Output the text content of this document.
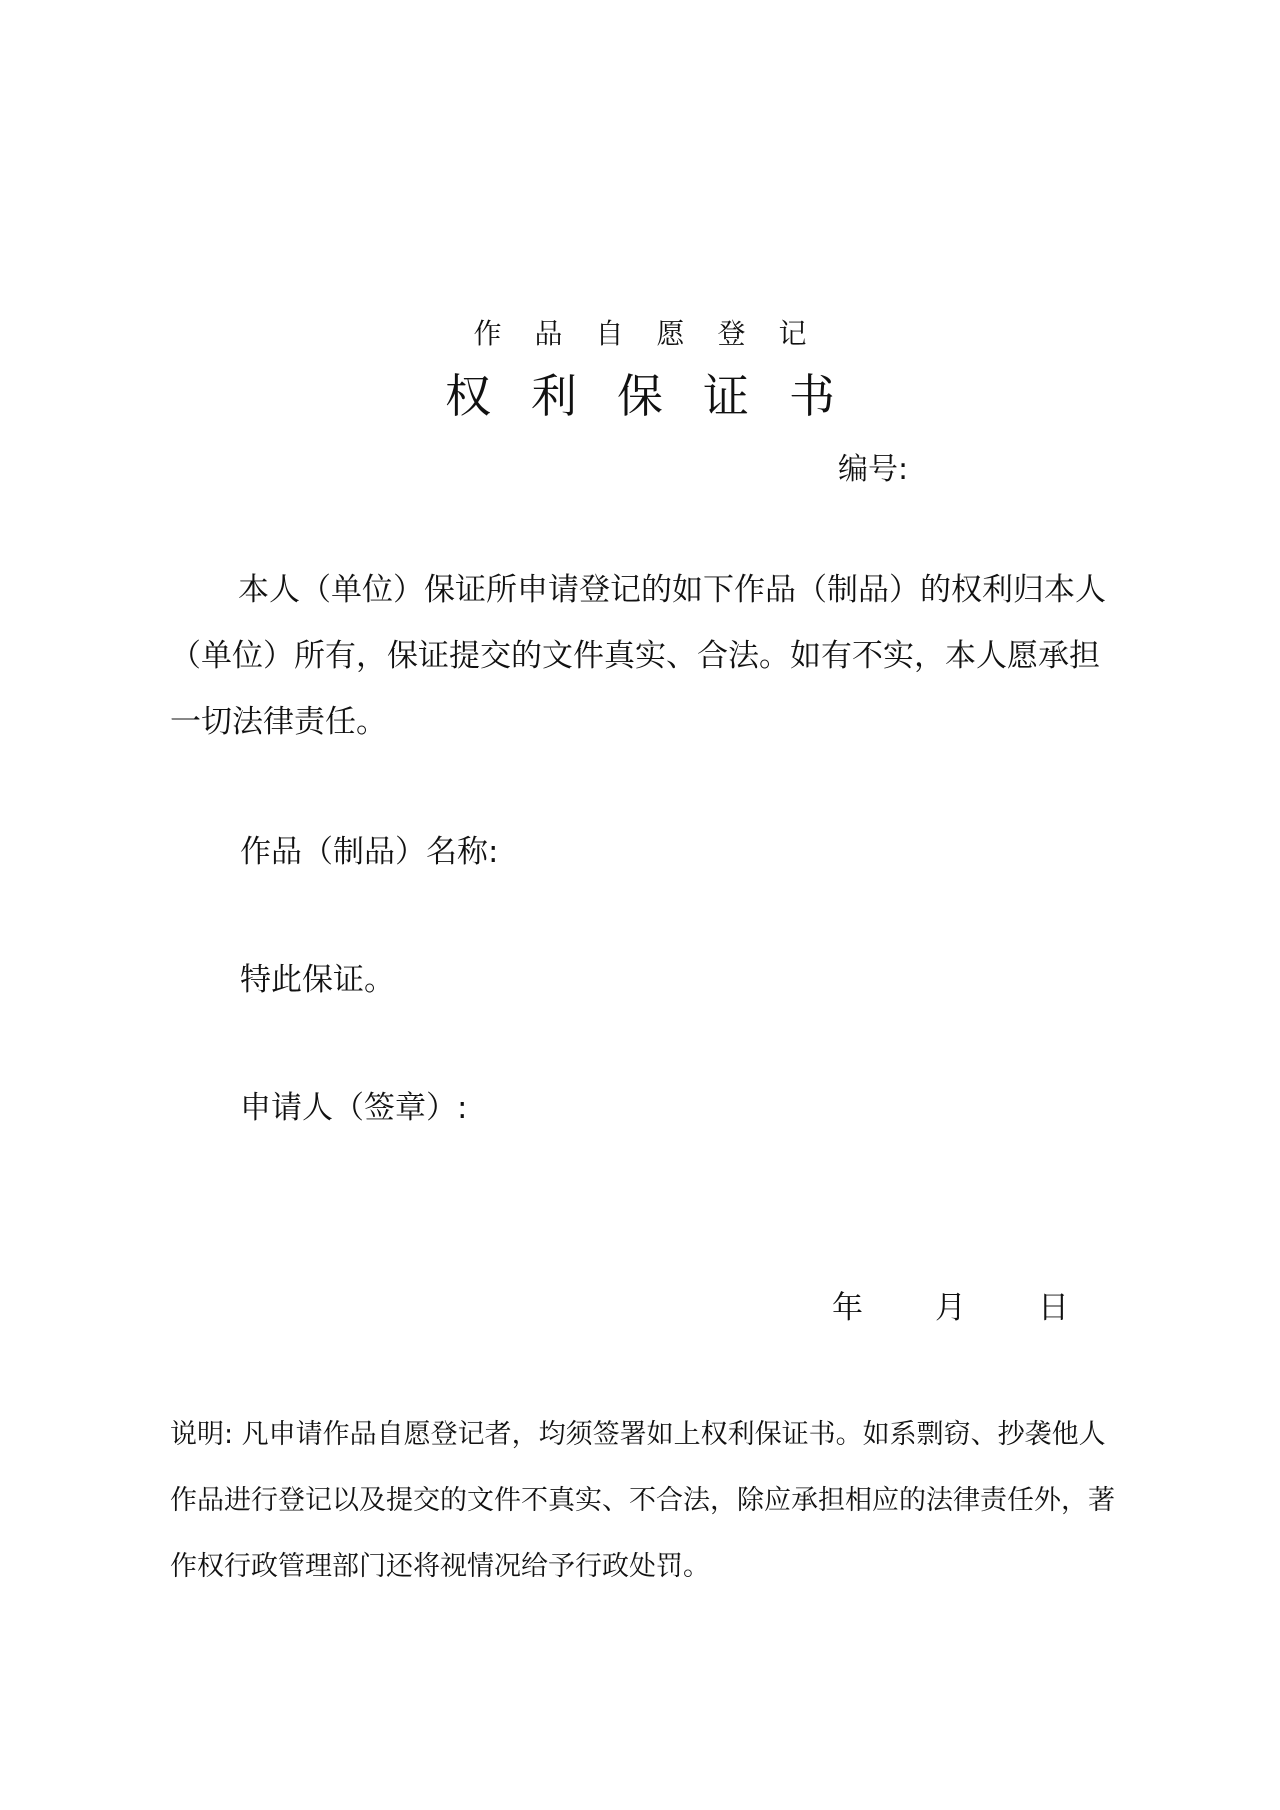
作品自愿登记
权利保证书
编号:
本人（单位）保证所申请登记的如下作品（制品）的权利归本人（单位）所有，保证提交的文件真实、合法。如有不实，本人愿承担一切法律责任。
作品（制品）名称:
特此保证。
申请人（签章）:
年 月 日
说明: 凡申请作品自愿登记者，均须签署如上权利保证书。如系剽窃、抄袭他人作品进行登记以及提交的文件不真实、不合法，除应承担相应的法律责任外，著作权行政管理部门还将视情况给予行政处罚。
